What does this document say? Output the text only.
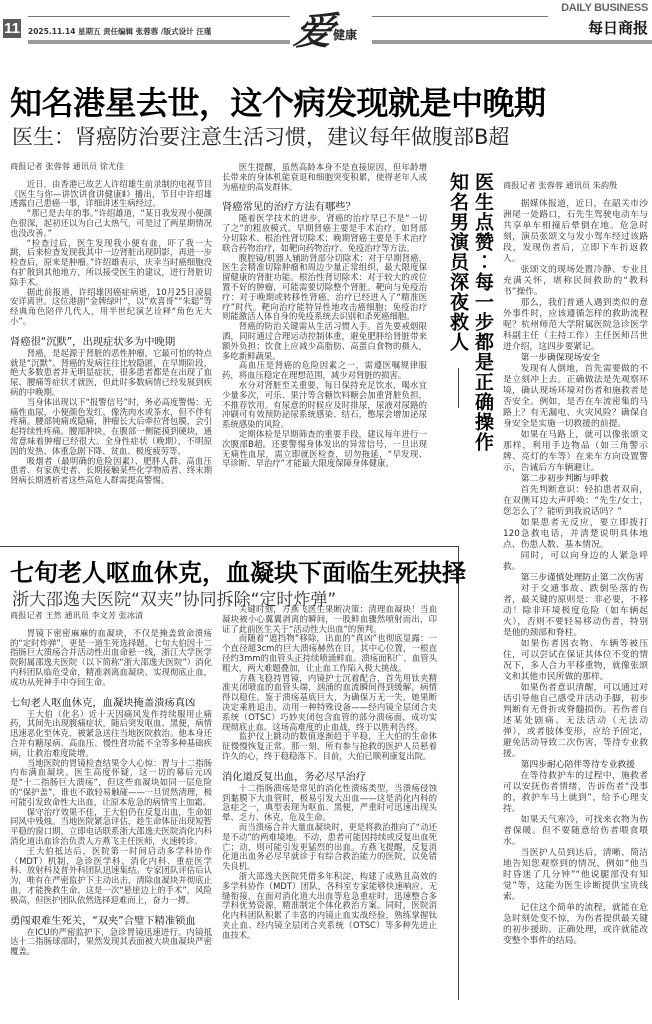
11 2025.11.14 星期五 责任编辑 张蓉蓉 /版式设计 汪瑾 爱
健康
DAILY BUSINESS
每日商报
知名港星去世，这个病发现就是中晚期
医生：肾癌防治要注意生活习惯，建议每年做腹部B超

商报记者 张蓉蓉 通讯员 徐尤佳

近日，由香港已故艺人许绍雄生前录制的电视节目《医生与你—讲饮讲食讲健康Ⅱ》播出，节目中许绍雄透露自己患癌一事，详细讲述生病经过。

“那已是去年的事。”许绍雄道，“某日我发现小便颜色很深，起初还以为自己太热气，可是过了两星期情况也没改善。”

“检查过后，医生发现我小便有血，吓了我一大跳，后来检查发现我其中一边肾脏出现阴影，再进一步检查后，原来是肿瘤。”许绍雄表示，庆幸当时癌细胞没有扩散到其他地方，所以接受医生的建议，进行肾脏切除手术。

据此前报道，许绍雄因癌症病逝，10月25日凌晨安详离世。这位港剧“金牌绿叶”，以“欢喜哥”“朱聪”等经典角色陪伴几代人，用半世纪演艺诠释“角色无大小”。

肾癌很“沉默”，出现症状多为中晚期

肾癌，是起源于肾脏的恶性肿瘤，它最可怕的特点就是“沉默”。肾癌的发病往往比较隐匿，在早期阶段，绝大多数患者并无明显症状，很多患者都是在出现了血尿、腰痛等症状才就医，但此时多数病情已经发展到疾病的中晚期。

当身体出现以下“报警信号”时，务必高度警惕：无痛性血尿，小便颜色发红，像洗肉水或茶水，但不伴有疼痛。腰部钝痛或隐痛，肿瘤长大后牵拉肾包膜，会引起持续性疼痛。腰部肿块，在腹部一侧能摸到硬块，通常意味着肿瘤已经很大。全身性症状（晚期），不明原因的发热、体重急剧下降、贫血、极度疲劳等。

吸烟者（最明确的危险因素）、肥胖人群、高血压患者、有家族史者、长期接触某些化学物质者、终末期肾病长期透析者这些高危人群需提高警惕。

医生提醒，虽然高龄本身不是直接原因，但年龄增长带来的身体机能衰退和细胞突变积累，使得老年人成为癌症的高发群体。

肾癌常见的治疗方法有哪些？

随着医学技术的进步，肾癌的治疗早已不是“一切了之”的粗放模式。早期肾癌主要是手术治疗，如肾部分切除术、根治性肾切除术；晚期肾癌主要是手术治疗联合药物治疗，如靶向药物治疗、免疫治疗等方法。

腹腔镜/机器人辅助肾部分切除术：对于早期肾癌，医生会精准切除肿瘤和周边少量正常组织，最大限度保留健康的肾脏功能。根治性肾切除术：对于较大的或位置不好的肿瘤，可能需要切除整个肾脏。靶向与免疫治疗：对于晚期或转移性肾癌，治疗已经进入了“精准医疗”时代。靶向治疗能特异性地攻击癌细胞；免疫治疗则能激活人体自身的免疫系统去识别和杀死癌细胞。

肾癌的防治关键需从生活习惯入手。首先要戒烟限酒，同时通过合理运动控制体重，避免肥胖给肾脏带来额外负担；饮食上应减少高脂肪、高蛋白食物的摄入，多吃新鲜蔬果。

高血压是肾癌的危险因素之一，需遵医嘱规律服药，将血压稳定在理想范围，减少对肾脏的损害。

水分对肾脏至关重要，每日保持充足饮水，喝水宜少量多次，可乐、果汁等含糖饮料糖会加重肾脏负担，不推荐饮用。有尿意的时候应及时排尿，尿液对尿路的冲刷可有效预防泌尿系统感染、结石，憋尿会增加泌尿系统感染的风险。

定期体检是早期筛查的重要手段，建议每年进行一次腹部B超。还要警惕身体发出的异常信号，一旦出现无痛性血尿，需立即就医检查，切勿拖延，“早发现、早诊断、早治疗”才能最大限度保障身体健康。

知名男演员深夜救人 医生点赞︰每一步都是正确操作 商报记者 张蓉蓉 通讯员 朱韵殷

据媒体报道，近日，在韶关市沙洲尾一处路口，石先生驾驶电动车与共享单车相撞后晕倒在地。危急时刻，演员张颂文与发小驾车经过该路段，发现伤者后，立即下车折返救人。

张颂文的现场处置冷静、专业且充满关怀，堪称民间救助的“教科书”操作。

那么，我们普通人遇到类似的意外事件时，应该遵循怎样的救助流程呢？杭州师范大学附属医院急诊医学科副主任（主持工作）主任医师吕世进介绍，这四步要紧记。

第一步确保现场安全

发现有人倒地，首先需要做的不是立刻冲上去。正确做法是先观察环境，确认现场环境对伤者和施救者是否安全。例如，是否在车流密集的马路上？有无漏电、火灾风险？确保自身安全是实施一切救援的前提。

如果在马路上，就可以像张颂文那样，利用手边物品（如三角警示牌、亮灯的车等）在来车方向设置警示，告诫后方车辆避让。

第二步初步判断与呼救

首先判断意识：轻拍患者双肩，在双侧耳边大声呼唤：“先生/女士，您怎么了？能听到我说话吗？”

如果患者无反应，要立即拨打120急救电话，并清楚说明具体地点、伤患人数、基本情况。

同时，可以向身边的人紧急呼救。

第三步谨慎处理防止第二次伤害

对于交通事故、跌倒坠落的伤者，最关键的原则是：非必要，不移动！除非环境极度危险（如车辆起火），否则不要轻易移动伤者，特别是他的颈部和脊柱。

如果伤者因衣物、车辆等被压住，可以尝试在保证其体位不变的情况下，多人合力平移重物，就像张颂文和其他市民所做的那样。

如果伤者意识清醒，可以通过对话引导他自己感受并活动手脚，初步判断有无骨折或脊髓损伤。若伤者自述某处剧痛、无法活动（无法动弹），或者肢体变形，应给予固定，避免活动导致二次伤害，等待专业救援。

第四步耐心陪伴等待专业救援

在等待救护车的过程中，施救者可以安抚伤者情绪，告诉伤者“没事的，救护车马上就到”，给予心理支持。

如果天气寒冷，可找来衣物为伤者保暖。但不要随意给伤者喂食喂水。

当医护人员到达后，清晰、简洁地告知您观察到的情况，例如“他当时昏迷了几分钟”“他说腿部没有知觉”等，这能为医生诊断提供宝贵线索。

记住这个简单的流程，就能在危急时刻处变不惊，为伤者提供最关键的初步援助。正确处理，或许就能改变整个事件的结局。

七旬老人呕血休克，血凝块下面临生死抉择
浙大邵逸夫医院“双夹”协同拆除“定时炸弹”

商报记者 王然 通讯员 李文芳 张冰清

胃镜下密密麻麻的血凝块，不仅是掩盖致命溃疡的“定时炸弹”，更是一道生死选择题。七旬大伯因十二指肠巨大溃疡合并活动性出血命悬一线，浙江大学医学院附属邵逸夫医院（以下简称“浙大邵逸夫医院”）消化内科团队临危受命，精准剥离血凝块、实现彻底止血，成功从死神手中夺回生命。

七旬老人呕血休克，血凝块掩盖溃疡真凶

王大伯（化名）近十天因痛风发作持续服用止痛药，其间先出现腹痛症状，随后突发呕血、黑便，病情迅速恶化至休克，被紧急送往当地医院救治。他本身还合并有糖尿病、高血压、慢性肾功能不全等多种基础疾病，让救治难度陡增。

当地医院的胃镜检查结果令人心惊：胃与十二指肠内布满血凝块。医生高度怀疑，这一切的幕后元凶是“十二指肠巨大溃疡”，但这些血凝块如同一层危险的“保护盖”，谁也不敢轻易触碰——一旦贸然清理，极可能引发致命性大出血，让原本危急的病情雪上加霜。

保守治疗效果不佳，王大伯仍在反复出血，生命如同风中残烛。当地医院紧急评估，趁生命体征出现短暂平稳的窗口期，立即电话联系浙大邵逸夫医院消化内科消化道出血诊治负责人方燕飞主任医师，火速转诊。

王大伯抵达后，医院第一时间启动多学科协作（MDT）机制，急诊医学科、消化内科、重症医学科、放射科及普外科团队迅速集结。专家团队评估后认为，唯有在严密监护下主动出击，清除血凝块并彻底止血，才能挽救生命。这是一次“悬崖边上的手术”，风险极高，但医护团队依然选择迎难而上，奋力一搏。

勇闯艰难生死关，“双夹”合璧下精准锁血

在ICU的严密监护下，急诊胃镜迅速进行。内镜抵达十二指肠球部时，果然发现其表面被大块血凝块严密覆盖。

关键时刻，方燕飞医生果断决策：清理血凝块！当血凝块被小心翼翼剥离的瞬间，一股鲜血骤然喷射而出，印证了此前医生关于“活动性大出血”的预判。

而随着“遮挡物”移除，出血的“真凶”也彻底显露：一个直径超3cm的巨大溃疡赫然在目，其中心位置，一根直径约3mm的血管头正持续喷涌鲜血。溃疡面积广、血管头粗大，两大难题叠加，让止血工作陷入极大挑战。

方燕飞稳持胃镜，内镜护士沉着配合，首先用钛夹精准夹闭喷血的血管头端，汹涌的血流瞬间得到缓解，病情得以稳住。鉴于溃疡基底巨大，为确保万无一失，她果断决定乘胜追击，动用一种特殊设备——经内镜全层闭合夹系统（OTSC）巧妙夹闭包含血管的部分溃疡面，成功实现彻底止血。这场高难度的止血战，终于以胜利告终。

监护仪上跳动的数值逐渐趋于平稳，王大伯的生命体征慢慢恢复正常。那一刻，所有参与抢救的医护人员悬着许久的心，终于稳稳落下。目前，大伯已顺利康复出院。

消化道反复出血，务必尽早治疗

十二指肠溃疡是常见的消化性溃疡类型，当溃疡侵蚀到黏膜下大血管时，极易引发大出血——这是消化内科的急症之一，典型表现为呕血、黑便，严重时可迅速出现头晕、乏力、休克，危及生命。

而当溃疡合并大量血凝块时，更是将救治推向了“动还是不动”的两难境地。不动，患者可能因持续或反复出血死亡；动，则可能引发更猛烈的出血。方燕飞提醒，反复消化道出血务必尽早就诊于有综合救治能力的医院，以免错失良机。

浙大邵逸夫医院凭借多年积淀，构建了成熟且高效的多学科协作（MDT）团队，各科室专家能够快速响应、无缝衔接，在面对消化道大出血等危急重症时，迅速整合多学科优势资源，精准制定个体化救治方案。同时，医院消化内科团队积累了丰富的内镜止血实战经验，熟练掌握钛夹止血、经内镜全层闭合夹系统（OTSC）等多种先进止血技术。
